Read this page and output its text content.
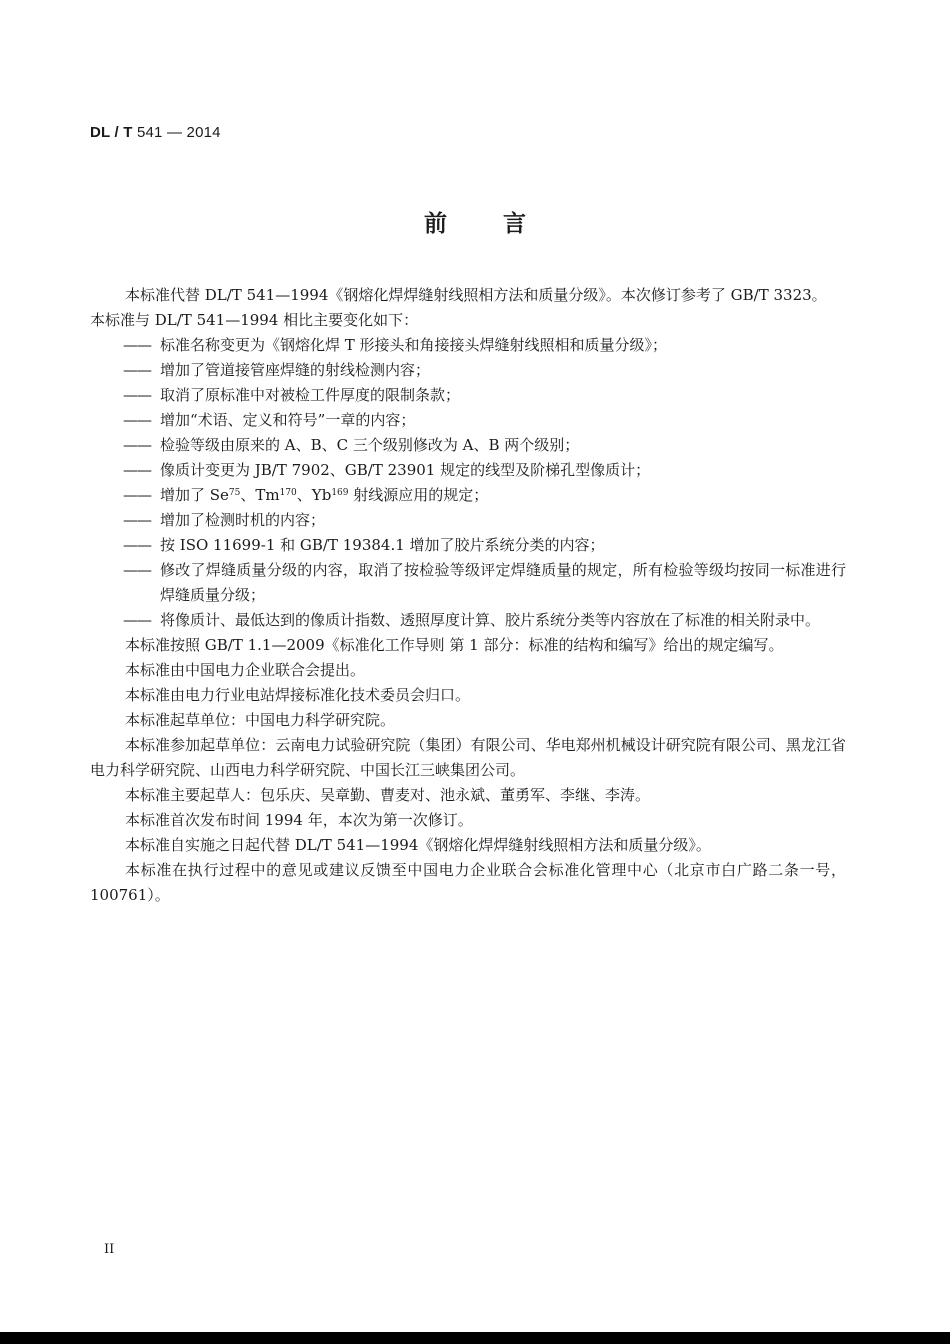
DL / T 541 — 2014
前言

本标准代替 DL/T 541—1994《钢熔化焊焊缝射线照相方法和质量分级》。本次修订参考了 GB/T 3323。

本标准与 DL/T 541—1994 相比主要变化如下：

—— 标准名称变更为《钢熔化焊 T 形接头和角接接头焊缝射线照相和质量分级》；

—— 增加了管道接管座焊缝的射线检测内容；

—— 取消了原标准中对被检工件厚度的限制条款；

—— 增加“术语、定义和符号”一章的内容；

—— 检验等级由原来的 A、B、C 三个级别修改为 A、B 两个级别；

—— 像质计变更为 JB/T 7902、GB/T 23901 规定的线型及阶梯孔型像质计；

—— 增加了 Se$^{75}$、Tm$^{170}$、Yb$^{169}$ 射线源应用的规定；

—— 增加了检测时机的内容；

—— 按 ISO 11699-1 和 GB/T 19384.1 增加了胶片系统分类的内容；

—— 修改了焊缝质量分级的内容，取消了按检验等级评定焊缝质量的规定，所有检验等级均按同一标准进行焊缝质量分级；

—— 将像质计、最低达到的像质计指数、透照厚度计算、胶片系统分类等内容放在了标准的相关附录中。

本标准按照 GB/T 1.1—2009《标准化工作导则 第 1 部分：标准的结构和编写》给出的规定编写。

本标准由中国电力企业联合会提出。

本标准由电力行业电站焊接标准化技术委员会归口。

本标准起草单位：中国电力科学研究院。

本标准参加起草单位：云南电力试验研究院（集团）有限公司、华电郑州机械设计研究院有限公司、黑龙江省电力科学研究院、山西电力科学研究院、中国长江三峡集团公司。

本标准主要起草人：包乐庆、吴章勤、曹麦对、池永斌、董勇军、李继、李涛。

本标准首次发布时间 1994 年，本次为第一次修订。

本标准自实施之日起代替 DL/T 541—1994《钢熔化焊焊缝射线照相方法和质量分级》。

本标准在执行过程中的意见或建议反馈至中国电力企业联合会标准化管理中心（北京市白广路二条一号，100761）。

II
